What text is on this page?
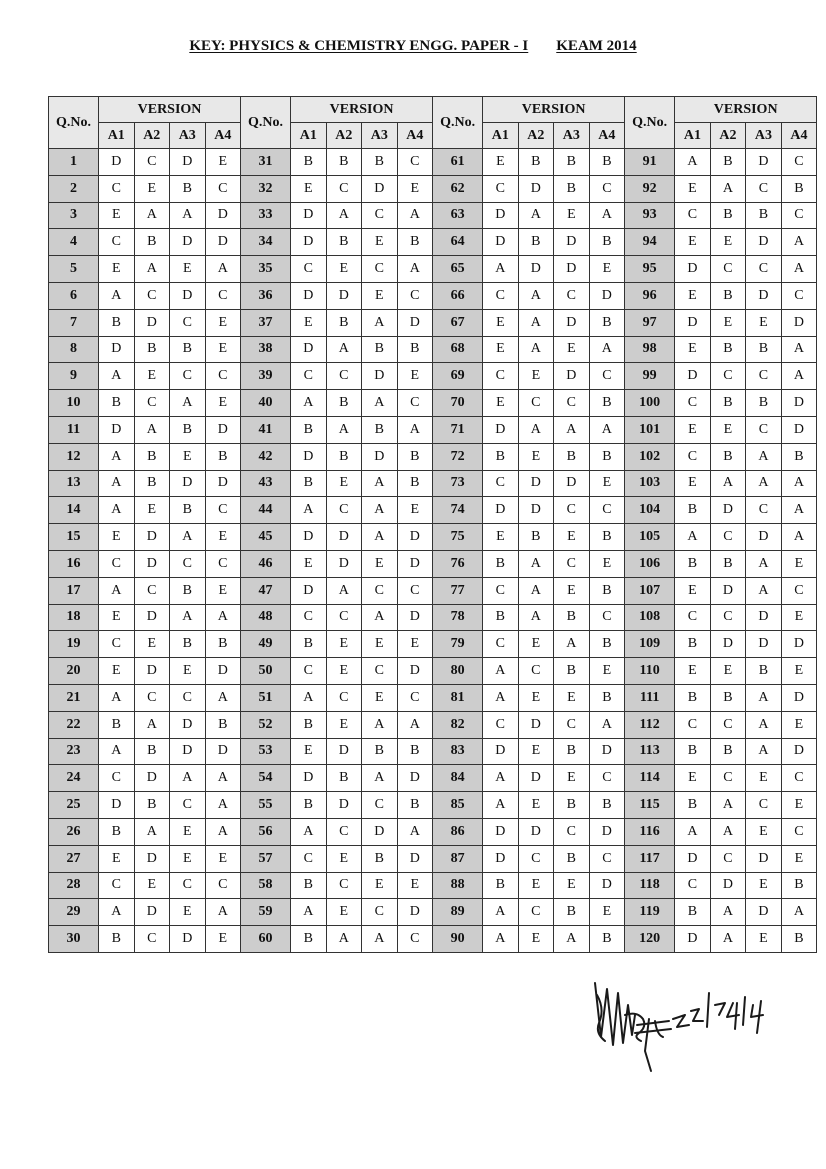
KEY: PHYSICS & CHEMISTRY ENGG. PAPER - I KEAM 2014
Q.No.	VERSION				Q.No.	VERSION				Q.No.	VERSION				Q.No.	VERSION			
	A1	A2	A3	A4		A1	A2	A3	A4		A1	A2	A3	A4		A1	A2	A3	A4
1	D	C	D	E	31	B	B	B	C	61	E	B	B	B	91	A	B	D	C
2	C	E	B	C	32	E	C	D	E	62	C	D	B	C	92	E	A	C	B
3	E	A	A	D	33	D	A	C	A	63	D	A	E	A	93	C	B	B	C
4	C	B	D	D	34	D	B	E	B	64	D	B	D	B	94	E	E	D	A
5	E	A	E	A	35	C	E	C	A	65	A	D	D	E	95	D	C	C	A
6	A	C	D	C	36	D	D	E	C	66	C	A	C	D	96	E	B	D	C
7	B	D	C	E	37	E	B	A	D	67	E	A	D	B	97	D	E	E	D
8	D	B	B	E	38	D	A	B	B	68	E	A	E	A	98	E	B	B	A
9	A	E	C	C	39	C	C	D	E	69	C	E	D	C	99	D	C	C	A
10	B	C	A	E	40	A	B	A	C	70	E	C	C	B	100	C	B	B	D
11	D	A	B	D	41	B	A	B	A	71	D	A	A	A	101	E	E	C	D
12	A	B	E	B	42	D	B	D	B	72	B	E	B	B	102	C	B	A	B
13	A	B	D	D	43	B	E	A	B	73	C	D	D	E	103	E	A	A	A
14	A	E	B	C	44	A	C	A	E	74	D	D	C	C	104	B	D	C	A
15	E	D	A	E	45	D	D	A	D	75	E	B	E	B	105	A	C	D	A
16	C	D	C	C	46	E	D	E	D	76	B	A	C	E	106	B	B	A	E
17	A	C	B	E	47	D	A	C	C	77	C	A	E	B	107	E	D	A	C
18	E	D	A	A	48	C	C	A	D	78	B	A	B	C	108	C	C	D	E
19	C	E	B	B	49	B	E	E	E	79	C	E	A	B	109	B	D	D	D
20	E	D	E	D	50	C	E	C	D	80	A	C	B	E	110	E	E	B	E
21	A	C	C	A	51	A	C	E	C	81	A	E	E	B	111	B	B	A	D
22	B	A	D	B	52	B	E	A	A	82	C	D	C	A	112	C	C	A	E
23	A	B	D	D	53	E	D	B	B	83	D	E	B	D	113	B	B	A	D
24	C	D	A	A	54	D	B	A	D	84	A	D	E	C	114	E	C	E	C
25	D	B	C	A	55	B	D	C	B	85	A	E	B	B	115	B	A	C	E
26	B	A	E	A	56	A	C	D	A	86	D	D	C	D	116	A	A	E	C
27	E	D	E	E	57	C	E	B	D	87	D	C	B	C	117	D	C	D	E
28	C	E	C	C	58	B	C	E	E	88	B	E	E	D	118	C	D	E	B
29	A	D	E	A	59	A	E	C	D	89	A	C	B	E	119	B	A	D	A
30	B	C	D	E	60	B	A	A	C	90	A	E	A	B	120	D	A	E	B
